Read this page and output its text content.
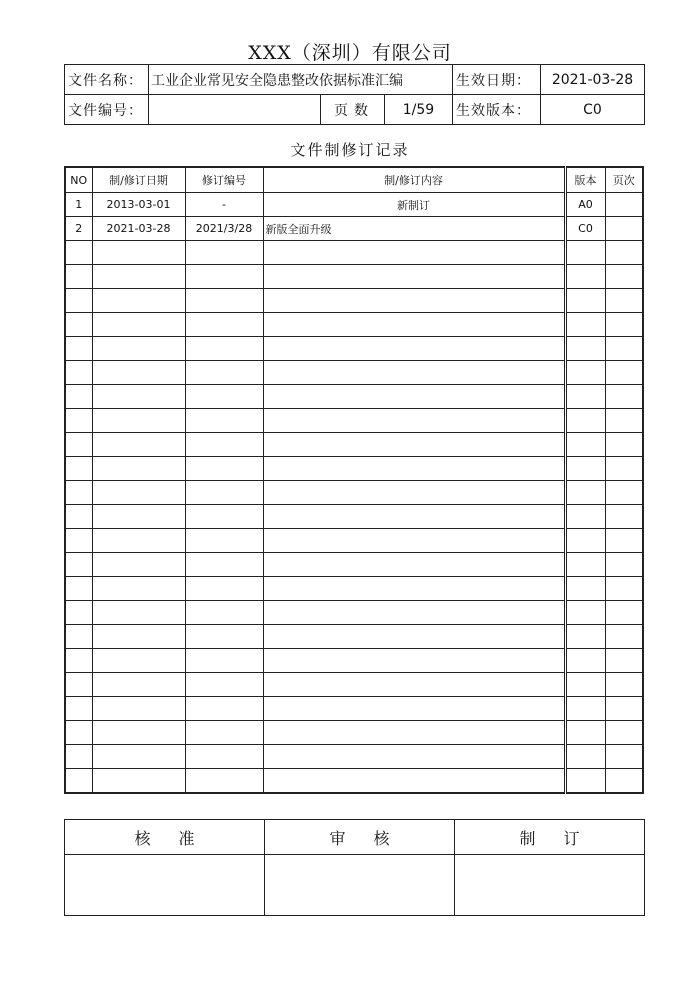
XXX（深圳）有限公司
文件名称：	工业企业常见安全隐患整改依据标准汇编	生效日期：	2021-03-28
文件编号：		页数	1/59	生效版本：	C0
文件制修订记录
NO	制/修订日期	修订编号	制/修订内容	版本	页次
1	2013-03-01	-	新制订	A0	
2	2021-03-28	2021/3/28	新版全面升级	C0	

核准	审核	制订
